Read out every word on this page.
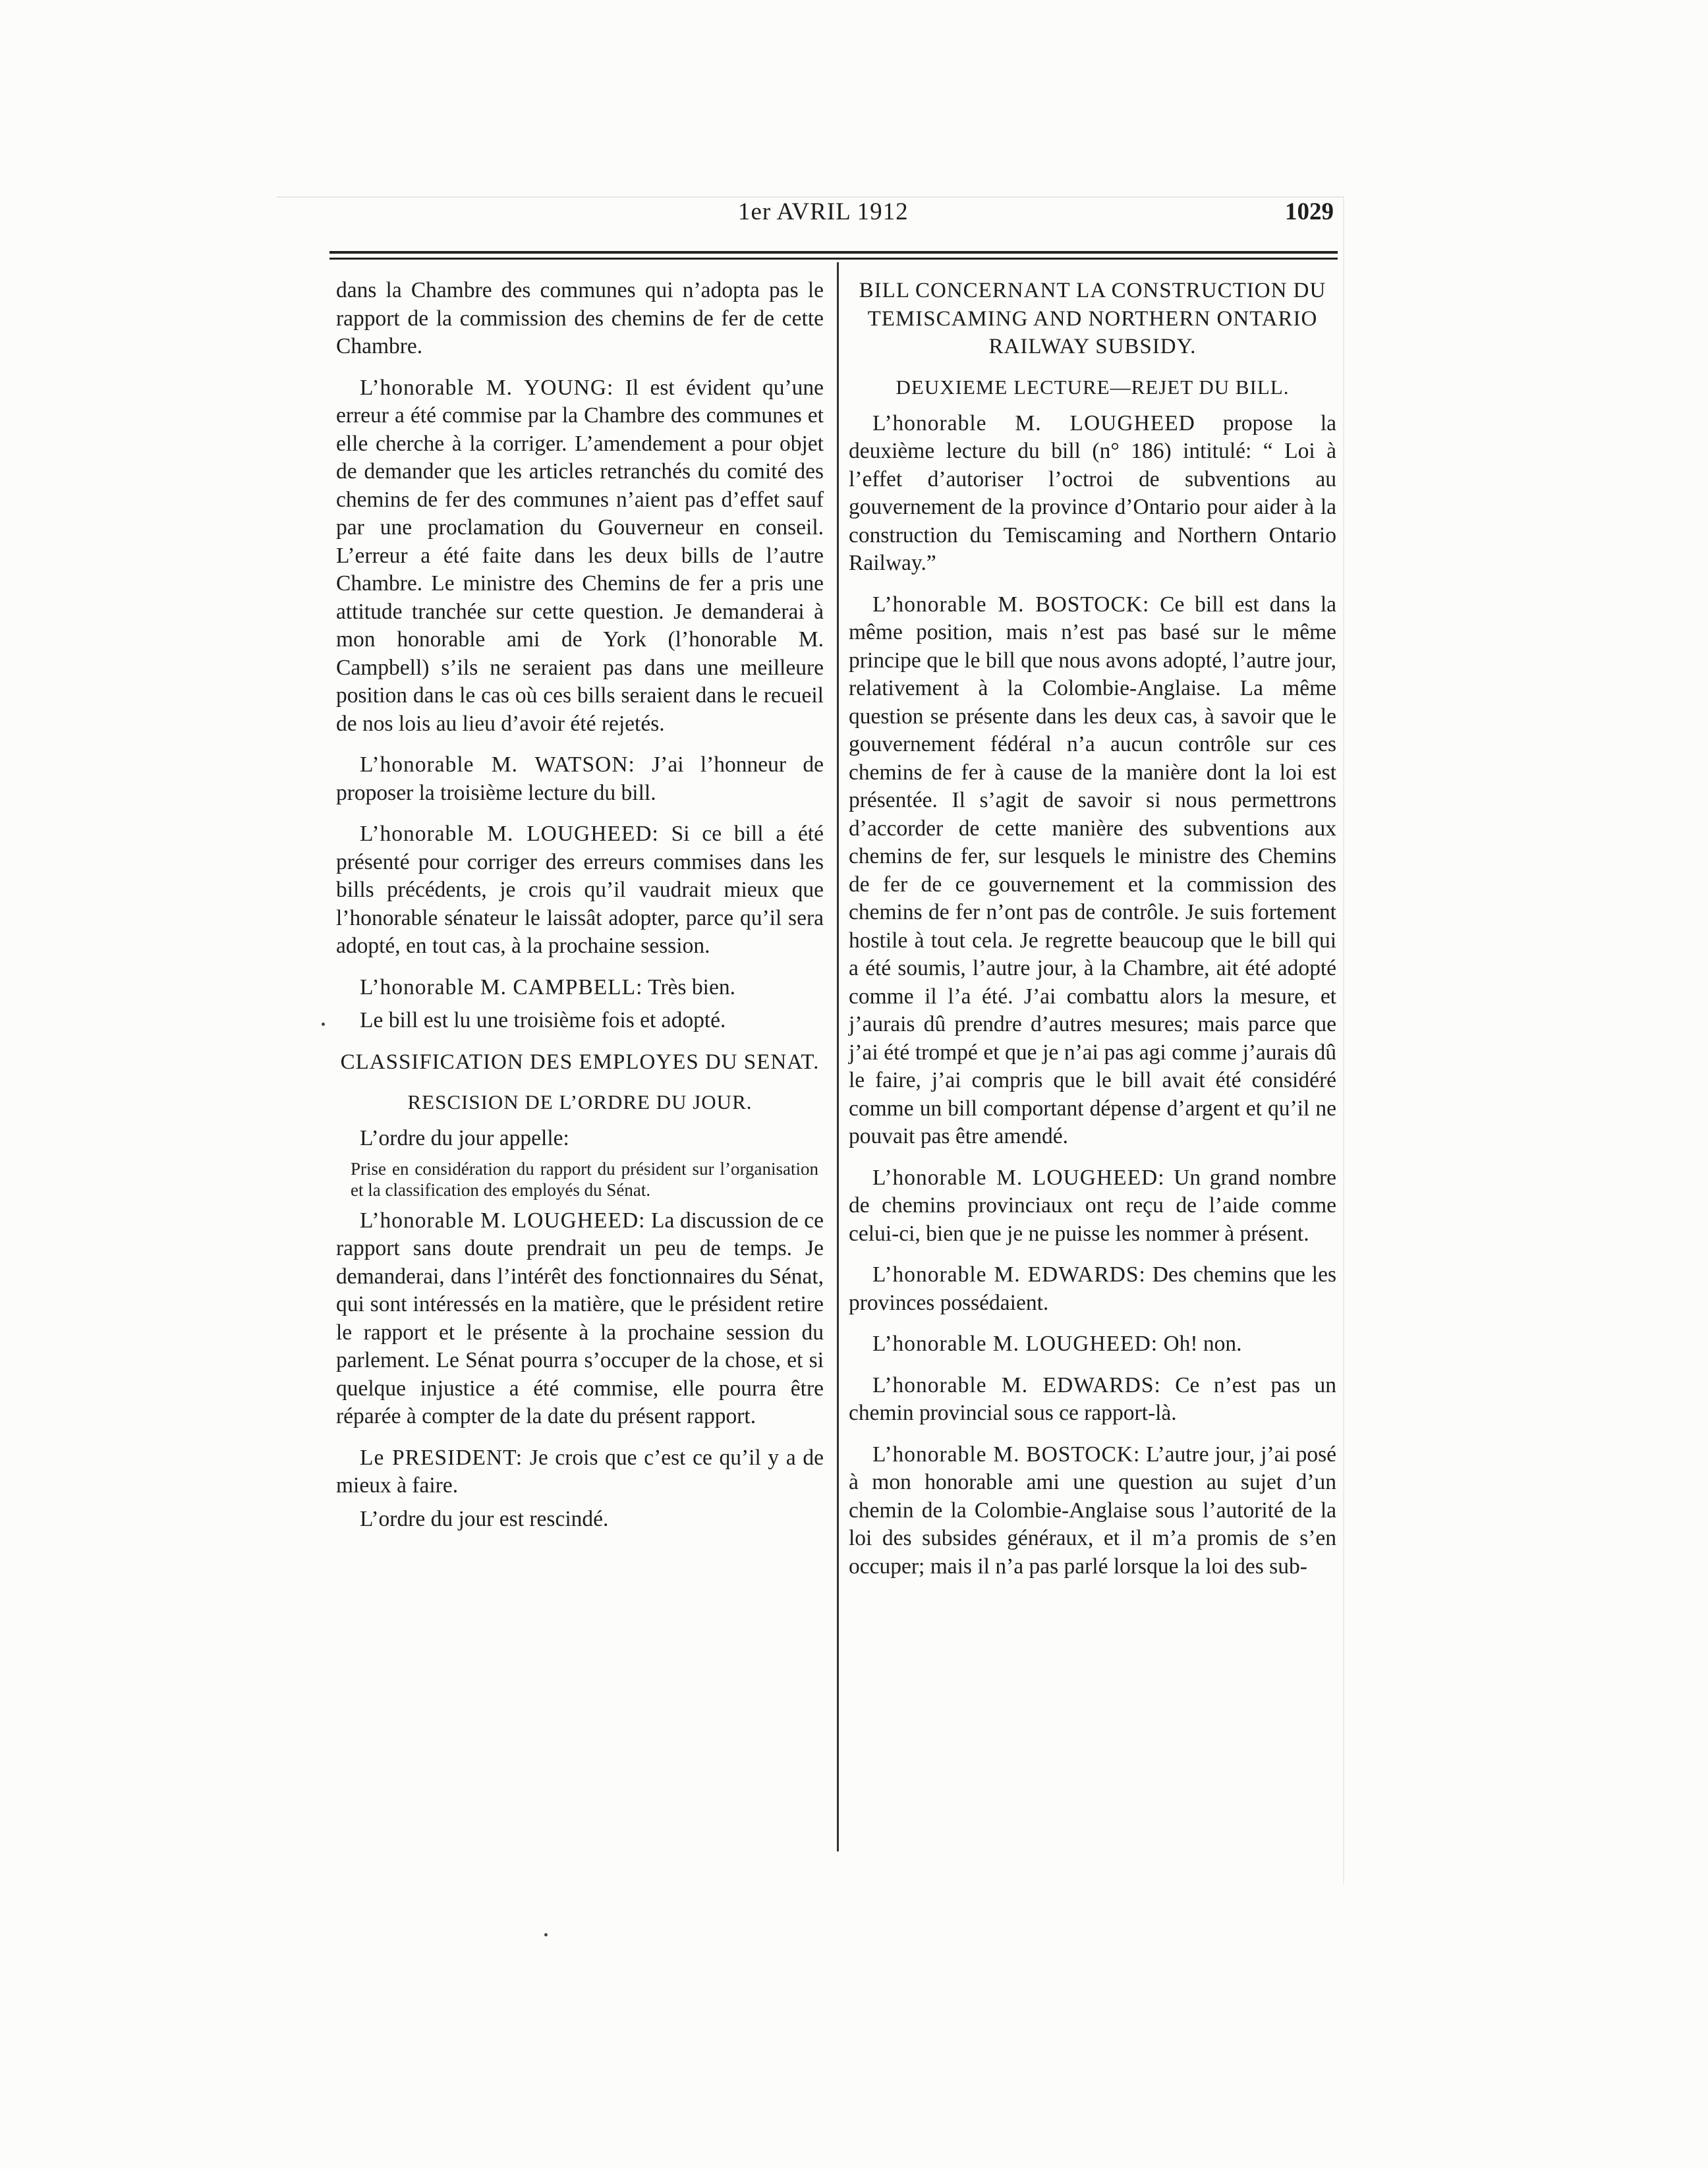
1er AVRIL 1912	1029

dans la Chambre des communes qui n’adopta pas le rapport de la commission des chemins de fer de cette Chambre.

L’honorable M. YOUNG: Il est évident qu’une erreur a été commise par la Chambre des communes et elle cherche à la corriger. L’amendement a pour objet de demander que les articles retranchés du comité des chemins de fer des communes n’aient pas d’effet sauf par une proclamation du Gouverneur en conseil. L’erreur a été faite dans les deux bills de l’autre Chambre. Le ministre des Chemins de fer a pris une attitude tranchée sur cette question. Je demanderai à mon honorable ami de York (l’honorable M. Campbell) s’ils ne seraient pas dans une meilleure position dans le cas où ces bills seraient dans le recueil de nos lois au lieu d’avoir été rejetés.

L’honorable M. WATSON: J’ai l’honneur de proposer la troisième lecture du bill.

L’honorable M. LOUGHEED: Si ce bill a été présenté pour corriger des erreurs commises dans les bills précédents, je crois qu’il vaudrait mieux que l’honorable sénateur le laissât adopter, parce qu’il sera adopté, en tout cas, à la prochaine session.

L’honorable M. CAMPBELL: Très bien.

Le bill est lu une troisième fois et adopté.

CLASSIFICATION DES EMPLOYES DU SENAT.
RESCISION DE L’ORDRE DU JOUR.

L’ordre du jour appelle:

Prise en considération du rapport du président sur l’organisation et la classification des employés du Sénat.

L’honorable M. LOUGHEED: La discussion de ce rapport sans doute prendrait un peu de temps. Je demanderai, dans l’intérêt des fonctionnaires du Sénat, qui sont intéressés en la matière, que le président retire le rapport et le présente à la prochaine session du parlement. Le Sénat pourra s’occuper de la chose, et si quelque injustice a été commise, elle pourra être réparée à compter de la date du présent rapport.

Le PRESIDENT: Je crois que c’est ce qu’il y a de mieux à faire.

L’ordre du jour est rescindé.

BILL CONCERNANT LA CONSTRUCTION DU TEMISCAMING AND NORTHERN ONTARIO RAILWAY SUBSIDY.
DEUXIEME LECTURE—REJET DU BILL.

L’honorable M. LOUGHEED propose la deuxième lecture du bill (n° 186) intitulé: “ Loi à l’effet d’autoriser l’octroi de subventions au gouvernement de la province d’Ontario pour aider à la construction du Temiscaming and Northern Ontario Railway.”

L’honorable M. BOSTOCK: Ce bill est dans la même position, mais n’est pas basé sur le même principe que le bill que nous avons adopté, l’autre jour, relativement à la Colombie-Anglaise. La même question se présente dans les deux cas, à savoir que le gouvernement fédéral n’a aucun contrôle sur ces chemins de fer à cause de la manière dont la loi est présentée. Il s’agit de savoir si nous permettrons d’accorder de cette manière des subventions aux chemins de fer, sur lesquels le ministre des Chemins de fer de ce gouvernement et la commission des chemins de fer n’ont pas de contrôle. Je suis fortement hostile à tout cela. Je regrette beaucoup que le bill qui a été soumis, l’autre jour, à la Chambre, ait été adopté comme il l’a été. J’ai combattu alors la mesure, et j’aurais dû prendre d’autres mesures; mais parce que j’ai été trompé et que je n’ai pas agi comme j’aurais dû le faire, j’ai compris que le bill avait été considéré comme un bill comportant dépense d’argent et qu’il ne pouvait pas être amendé.

L’honorable M. LOUGHEED: Un grand nombre de chemins provinciaux ont reçu de l’aide comme celui-ci, bien que je ne puisse les nommer à présent.

L’honorable M. EDWARDS: Des chemins que les provinces possédaient.

L’honorable M. LOUGHEED: Oh! non.

L’honorable M. EDWARDS: Ce n’est pas un chemin provincial sous ce rapport-là.

L’honorable M. BOSTOCK: L’autre jour, j’ai posé à mon honorable ami une question au sujet d’un chemin de la Colombie-Anglaise sous l’autorité de la loi des subsides généraux, et il m’a promis de s’en occuper; mais il n’a pas parlé lorsque la loi des sub-
